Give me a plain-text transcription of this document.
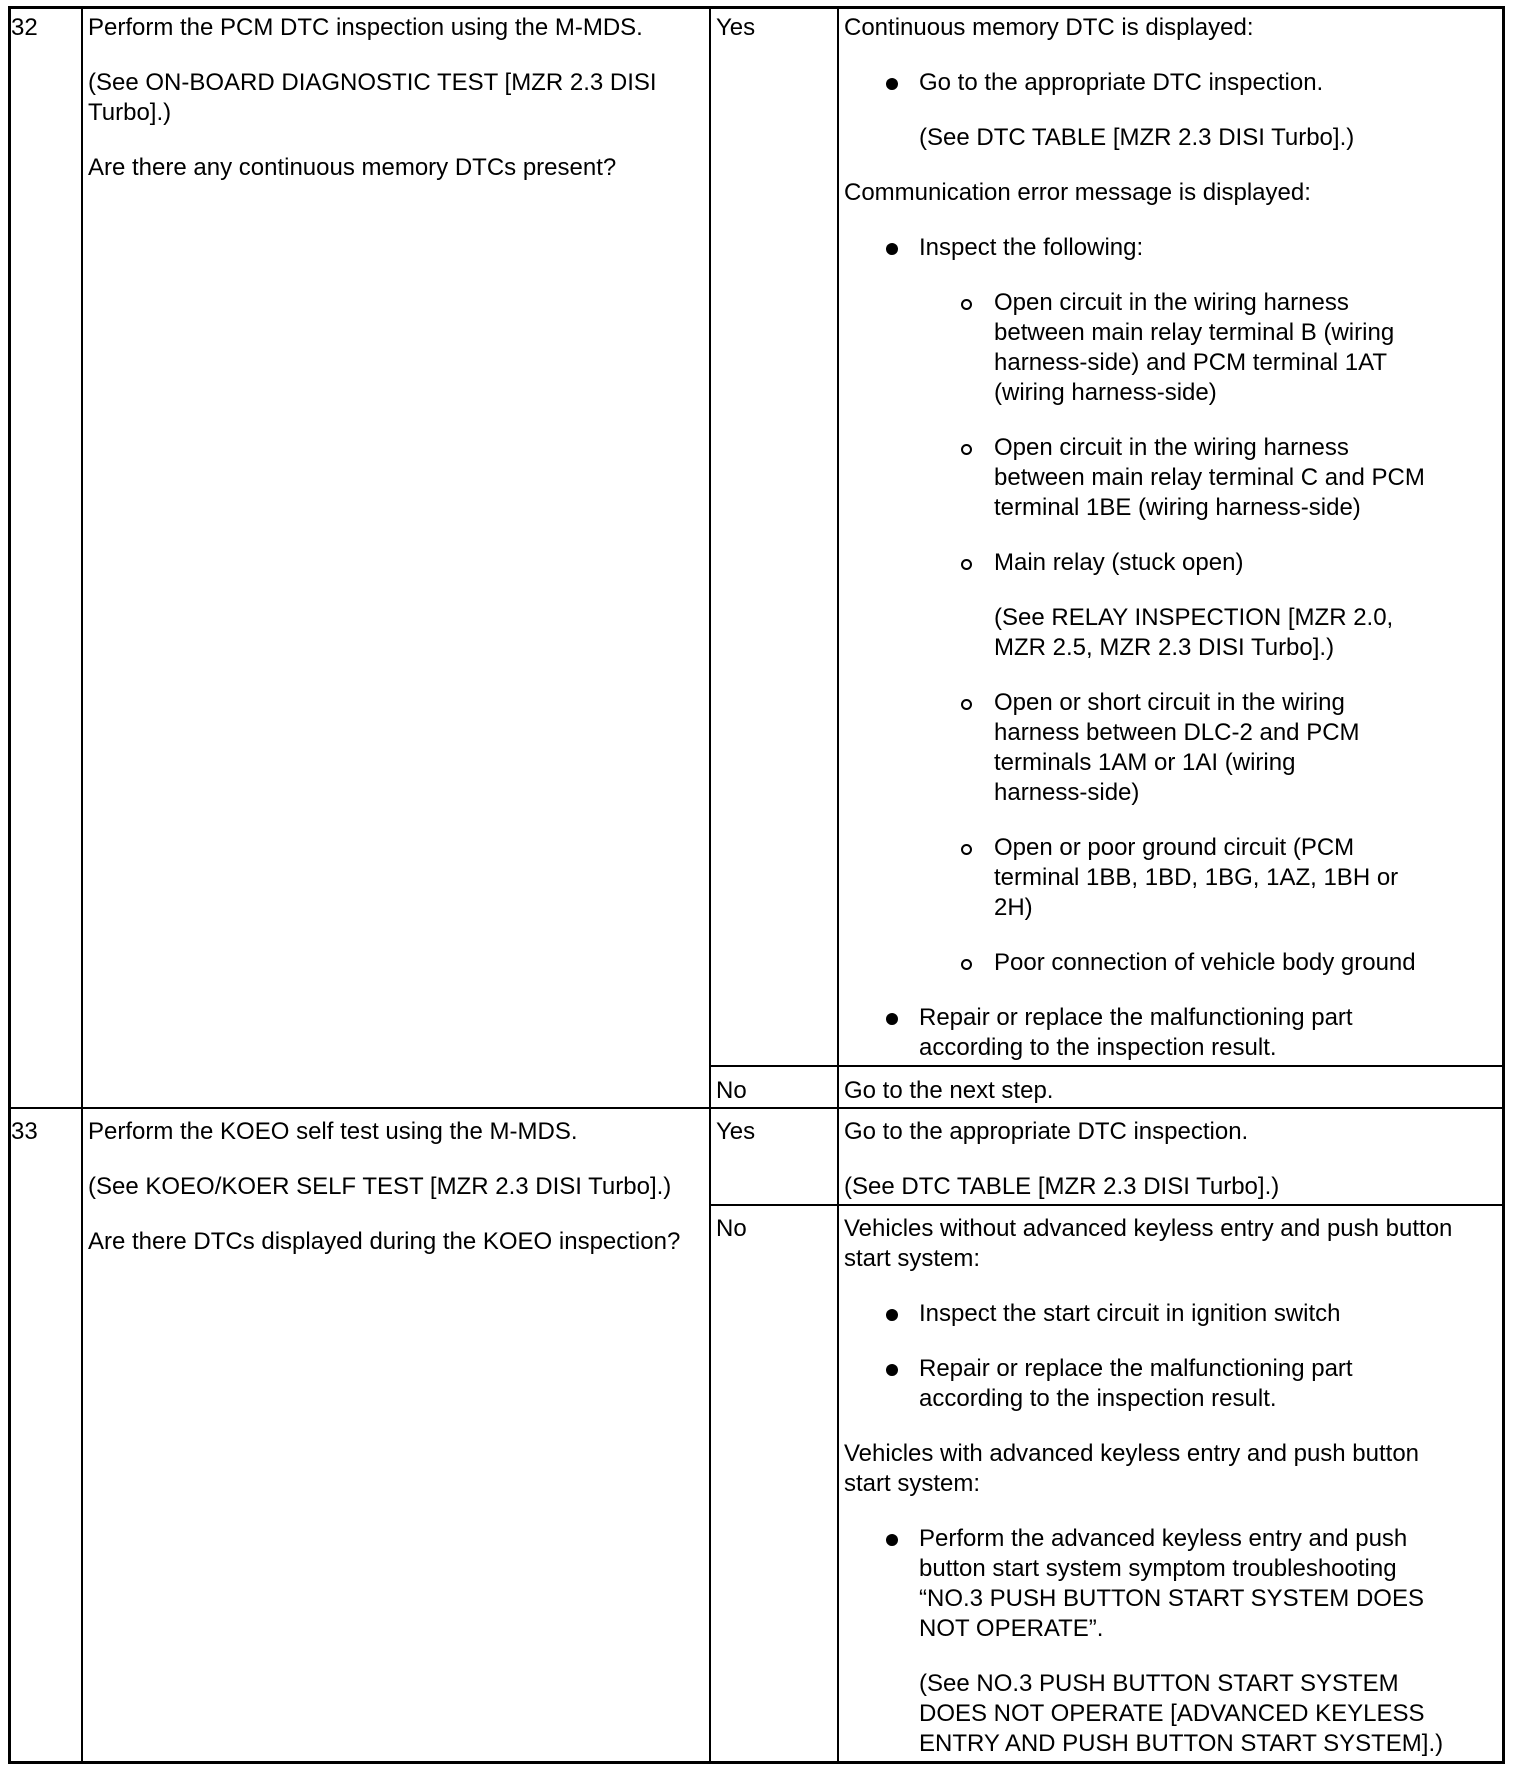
32 Perform the PCM DTC inspection using the M-MDS.
(See ON-BOARD DIAGNOSTIC TEST [MZR 2.3 DISI
Turbo].)
Are there any continuous memory DTCs present?
Yes	Continuous memory DTC is displayed:
Go to the appropriate DTC inspection.
(See DTC TABLE [MZR 2.3 DISI Turbo].)
Communication error message is displayed:
Inspect the following:
Open circuit in the wiring harness
between main relay terminal B (wiring
harness-side) and PCM terminal 1AT
(wiring harness-side)
Open circuit in the wiring harness
between main relay terminal C and PCM
terminal 1BE (wiring harness-side)
Main relay (stuck open)
(See RELAY INSPECTION [MZR 2.0,
MZR 2.5, MZR 2.3 DISI Turbo].)
Open or short circuit in the wiring
harness between DLC-2 and PCM
terminals 1AM or 1AI (wiring
harness-side)
Open or poor ground circuit (PCM
terminal 1BB, 1BD, 1BG, 1AZ, 1BH or
2H)
Poor connection of vehicle body ground
Repair or replace the malfunctioning part
according to the inspection result.
No	Go to the next step.
33 Perform the KOEO self test using the M-MDS.
(See KOEO/KOER SELF TEST [MZR 2.3 DISI Turbo].)
Are there DTCs displayed during the KOEO inspection?
Yes	Go to the appropriate DTC inspection.
(See DTC TABLE [MZR 2.3 DISI Turbo].)
No	Vehicles without advanced keyless entry and push button
start system:
Inspect the start circuit in ignition switch
Repair or replace the malfunctioning part
according to the inspection result.
Vehicles with advanced keyless entry and push button
start system:
Perform the advanced keyless entry and push
button start system symptom troubleshooting
“NO.3 PUSH BUTTON START SYSTEM DOES
NOT OPERATE”.
(See NO.3 PUSH BUTTON START SYSTEM
DOES NOT OPERATE [ADVANCED KEYLESS
ENTRY AND PUSH BUTTON START SYSTEM].)
